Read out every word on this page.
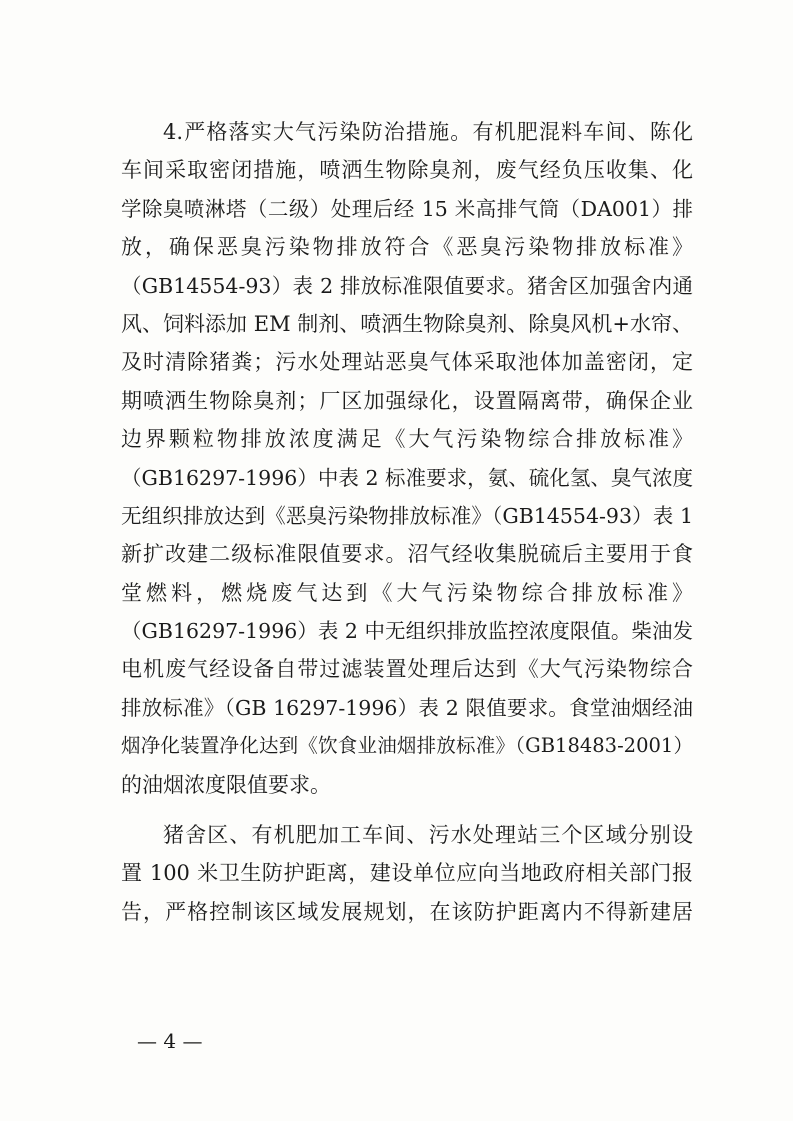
4.严格落实大气污染防治措施。有机肥混料车间、陈化
车间采取密闭措施，喷洒生物除臭剂，废气经负压收集、化
学除臭喷淋塔（二级）处理后经 15 米高排气筒（DA001）排
放，确保恶臭污染物排放符合《恶臭污染物排放标准》
（GB14554-93）表 2 排放标准限值要求。猪舍区加强舍内通
风、饲料添加 EM 制剂、喷洒生物除臭剂、除臭风机+水帘、
及时清除猪粪；污水处理站恶臭气体采取池体加盖密闭，定
期喷洒生物除臭剂；厂区加强绿化，设置隔离带，确保企业
边界颗粒物排放浓度满足《大气污染物综合排放标准》
（GB16297-1996）中表 2 标准要求，氨、硫化氢、臭气浓度
无组织排放达到《恶臭污染物排放标准》（GB14554-93）表 1
新扩改建二级标准限值要求。沼气经收集脱硫后主要用于食
堂燃料，燃烧废气达到《大气污染物综合排放标准》
（GB16297-1996）表 2 中无组织排放监控浓度限值。柴油发
电机废气经设备自带过滤装置处理后达到《大气污染物综合
排放标准》（GB 16297-1996）表 2 限值要求。食堂油烟经油
烟净化装置净化达到《饮食业油烟排放标准》（GB18483-2001）
的油烟浓度限值要求。
猪舍区、有机肥加工车间、污水处理站三个区域分别设
置 100 米卫生防护距离，建设单位应向当地政府相关部门报
告，严格控制该区域发展规划，在该防护距离内不得新建居
— 4 —
